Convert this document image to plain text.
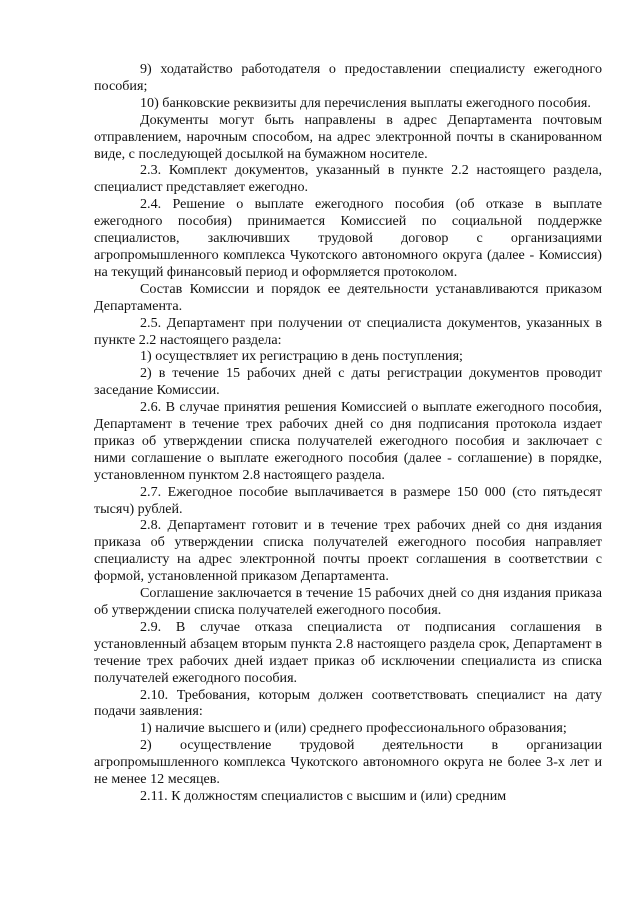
9) ходатайство работодателя о предоставлении специалисту ежегодного пособия;

10) банковские реквизиты для перечисления выплаты ежегодного пособия.

Документы могут быть направлены в адрес Департамента почтовым отправлением, нарочным способом, на адрес электронной почты в сканированном виде, с последующей досылкой на бумажном носителе.

2.3. Комплект документов, указанный в пункте 2.2 настоящего раздела, специалист представляет ежегодно.

2.4. Решение о выплате ежегодного пособия (об отказе в выплате ежегодного пособия) принимается Комиссией по социальной поддержке специалистов, заключивших трудовой договор с организациями агропромышленного комплекса Чукотского автономного округа (далее - Комиссия) на текущий финансовый период и оформляется протоколом.

Состав Комиссии и порядок ее деятельности устанавливаются приказом Департамента.

2.5. Департамент при получении от специалиста документов, указанных в пункте 2.2 настоящего раздела:

1) осуществляет их регистрацию в день поступления;

2) в течение 15 рабочих дней с даты регистрации документов проводит заседание Комиссии.

2.6. В случае принятия решения Комиссией о выплате ежегодного пособия, Департамент в течение трех рабочих дней со дня подписания протокола издает приказ об утверждении списка получателей ежегодного пособия и заключает с ними соглашение о выплате ежегодного пособия (далее - соглашение) в порядке, установленном пунктом 2.8 настоящего раздела.

2.7. Ежегодное пособие выплачивается в размере 150 000 (сто пятьдесят тысяч) рублей.

2.8. Департамент готовит и в течение трех рабочих дней со дня издания приказа об утверждении списка получателей ежегодного пособия направляет специалисту на адрес электронной почты проект соглашения в соответствии с формой, установленной приказом Департамента.

Соглашение заключается в течение 15 рабочих дней со дня издания приказа об утверждении списка получателей ежегодного пособия.

2.9. В случае отказа специалиста от подписания соглашения в установленный абзацем вторым пункта 2.8 настоящего раздела срок, Департамент в течение трех рабочих дней издает приказ об исключении специалиста из списка получателей ежегодного пособия.

2.10. Требования, которым должен соответствовать специалист на дату подачи заявления:

1) наличие высшего и (или) среднего профессионального образования;

2) осуществление трудовой деятельности в организации агропромышленного комплекса Чукотского автономного округа не более 3-х лет и не менее 12 месяцев.

2.11. К должностям специалистов с высшим и (или) средним
